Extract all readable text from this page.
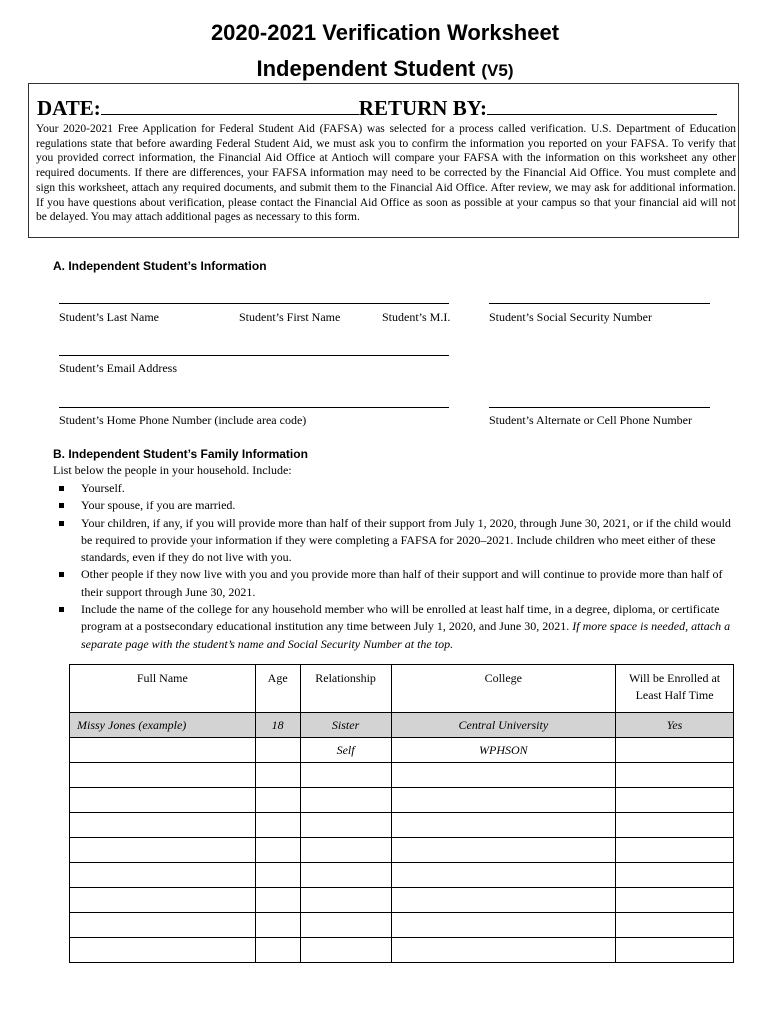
2020-2021 Verification Worksheet
Independent Student (V5)
DATE:	RETURN BY:
Your 2020-2021 Free Application for Federal Student Aid (FAFSA) was selected for a process called verification. U.S. Department of Education regulations state that before awarding Federal Student Aid, we must ask you to confirm the information you reported on your FAFSA. To verify that you provided correct information, the Financial Aid Office at Antioch will compare your FAFSA with the information on this worksheet any other required documents. If there are differences, your FAFSA information may need to be corrected by the Financial Aid Office. You must complete and sign this worksheet, attach any required documents, and submit them to the Financial Aid Office. After review, we may ask for additional information. If you have questions about verification, please contact the Financial Aid Office as soon as possible at your campus so that your financial aid will not be delayed. You may attach additional pages as necessary to this form.
A. Independent Student’s Information
Student’s Last Name	Student’s First Name	Student’s M.I.	Student’s Social Security Number
Student’s Email Address
Student’s Home Phone Number (include area code)	Student’s Alternate or Cell Phone Number
B. Independent Student’s Family Information
List below the people in your household. Include:
Yourself.
Your spouse, if you are married.
Your children, if any, if you will provide more than half of their support from July 1, 2020, through June 30, 2021, or if the child would be required to provide your information if they were completing a FAFSA for 2020–2021. Include children who meet either of these standards, even if they do not live with you.
Other people if they now live with you and you provide more than half of their support and will continue to provide more than half of their support through June 30, 2021.
Include the name of the college for any household member who will be enrolled at least half time, in a degree, diploma, or certificate program at a postsecondary educational institution any time between July 1, 2020, and June 30, 2021. If more space is needed, attach a separate page with the student’s name and Social Security Number at the top.
Full Name	Age	Relationship	College	Will be Enrolled at
Least Half Time
Missy Jones (example)	18	Sister	Central University	Yes
		Self	WPHSON	
